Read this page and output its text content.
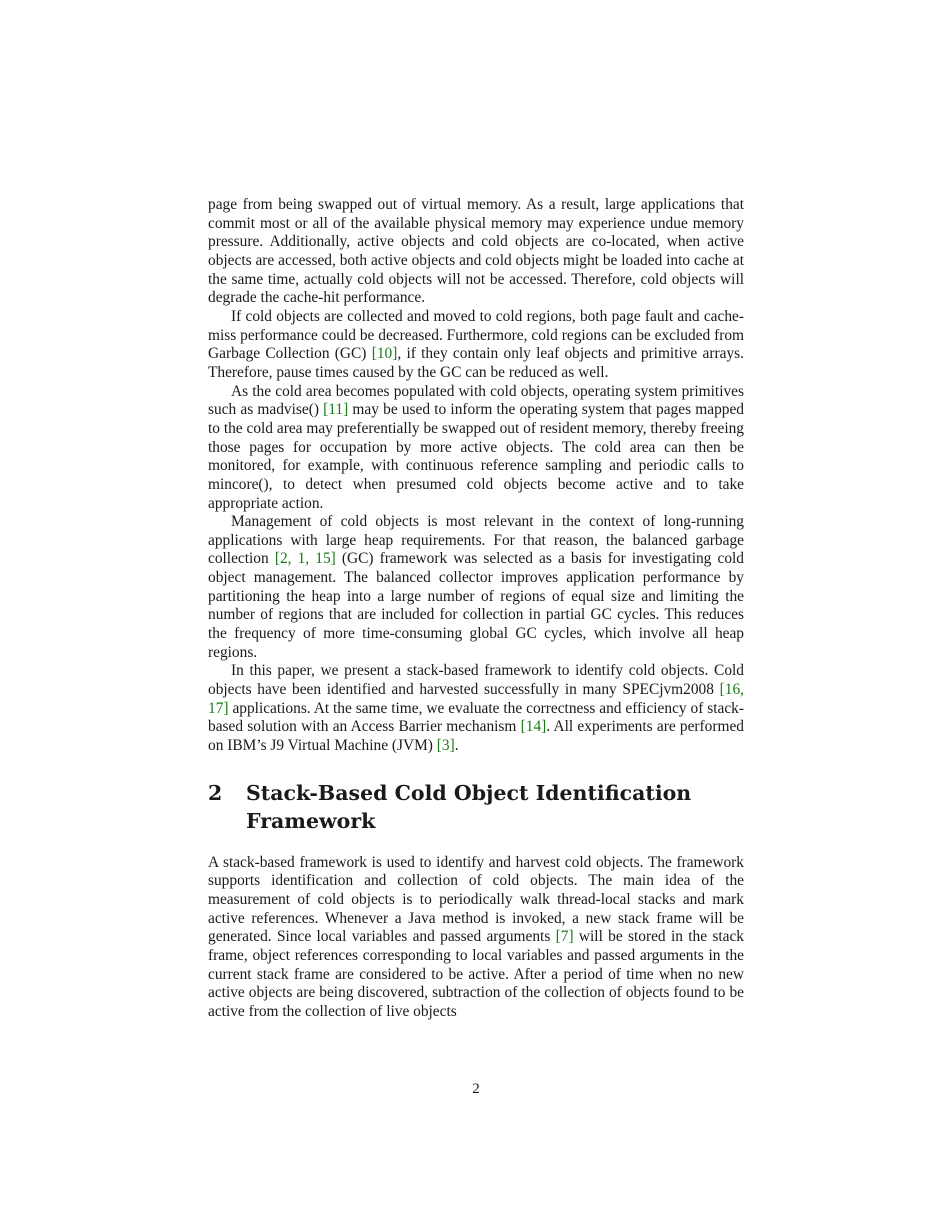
page from being swapped out of virtual memory. As a result, large applications that commit most or all of the available physical memory may experience undue memory pressure. Additionally, active objects and cold objects are co-located, when active objects are accessed, both active objects and cold objects might be loaded into cache at the same time, actually cold objects will not be accessed. Therefore, cold objects will degrade the cache-hit performance.

If cold objects are collected and moved to cold regions, both page fault and cache-miss performance could be decreased. Furthermore, cold regions can be excluded from Garbage Collection (GC) [10], if they contain only leaf objects and primitive arrays. Therefore, pause times caused by the GC can be reduced as well.

As the cold area becomes populated with cold objects, operating system primitives such as madvise() [11] may be used to inform the operating system that pages mapped to the cold area may preferentially be swapped out of resident memory, thereby freeing those pages for occupation by more active objects. The cold area can then be monitored, for example, with continuous reference sampling and periodic calls to mincore(), to detect when presumed cold objects become active and to take appropriate action.

Management of cold objects is most relevant in the context of long-running applications with large heap requirements. For that reason, the balanced garbage collection [2, 1, 15] (GC) framework was selected as a basis for investigating cold object management. The balanced collector improves application performance by partitioning the heap into a large number of regions of equal size and limiting the number of regions that are included for collection in partial GC cycles. This reduces the frequency of more time-consuming global GC cycles, which involve all heap regions.

In this paper, we present a stack-based framework to identify cold objects. Cold objects have been identified and harvested successfully in many SPECjvm2008 [16, 17] applications. At the same time, we evaluate the correctness and efficiency of stack-based solution with an Access Barrier mechanism [14]. All experiments are performed on IBM’s J9 Virtual Machine (JVM) [3].

2	Stack-Based Cold Object Identification Framework

A stack-based framework is used to identify and harvest cold objects. The framework supports identification and collection of cold objects. The main idea of the measurement of cold objects is to periodically walk thread-local stacks and mark active references. Whenever a Java method is invoked, a new stack frame will be generated. Since local variables and passed arguments [7] will be stored in the stack frame, object references corresponding to local variables and passed arguments in the current stack frame are considered to be active. After a period of time when no new active objects are being discovered, subtraction of the collection of objects found to be active from the collection of live objects

2
